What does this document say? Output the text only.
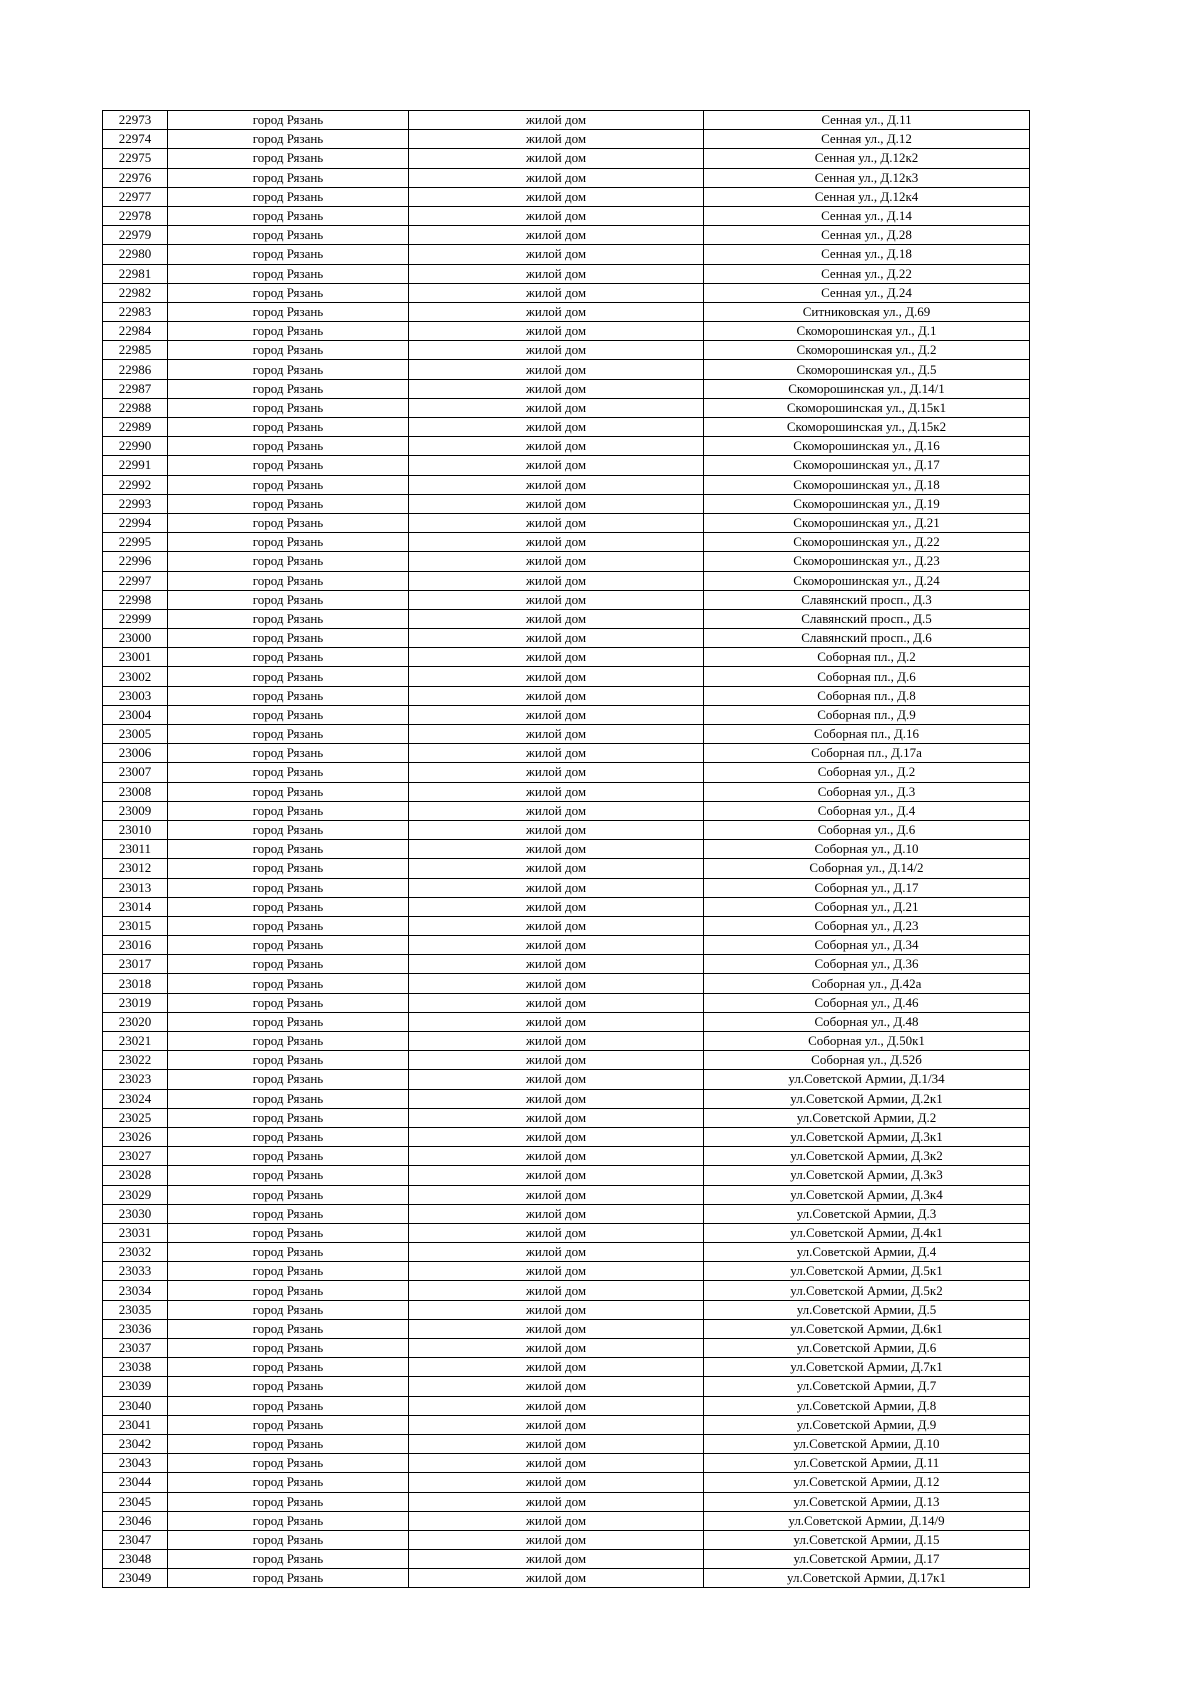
22973	город Рязань	жилой дом	Сенная ул., Д.11
22974	город Рязань	жилой дом	Сенная ул., Д.12
22975	город Рязань	жилой дом	Сенная ул., Д.12к2
22976	город Рязань	жилой дом	Сенная ул., Д.12к3
22977	город Рязань	жилой дом	Сенная ул., Д.12к4
22978	город Рязань	жилой дом	Сенная ул., Д.14
22979	город Рязань	жилой дом	Сенная ул., Д.28
22980	город Рязань	жилой дом	Сенная ул., Д.18
22981	город Рязань	жилой дом	Сенная ул., Д.22
22982	город Рязань	жилой дом	Сенная ул., Д.24
22983	город Рязань	жилой дом	Ситниковская ул., Д.69
22984	город Рязань	жилой дом	Скоморошинская ул., Д.1
22985	город Рязань	жилой дом	Скоморошинская ул., Д.2
22986	город Рязань	жилой дом	Скоморошинская ул., Д.5
22987	город Рязань	жилой дом	Скоморошинская ул., Д.14/1
22988	город Рязань	жилой дом	Скоморошинская ул., Д.15к1
22989	город Рязань	жилой дом	Скоморошинская ул., Д.15к2
22990	город Рязань	жилой дом	Скоморошинская ул., Д.16
22991	город Рязань	жилой дом	Скоморошинская ул., Д.17
22992	город Рязань	жилой дом	Скоморошинская ул., Д.18
22993	город Рязань	жилой дом	Скоморошинская ул., Д.19
22994	город Рязань	жилой дом	Скоморошинская ул., Д.21
22995	город Рязань	жилой дом	Скоморошинская ул., Д.22
22996	город Рязань	жилой дом	Скоморошинская ул., Д.23
22997	город Рязань	жилой дом	Скоморошинская ул., Д.24
22998	город Рязань	жилой дом	Славянский просп., Д.3
22999	город Рязань	жилой дом	Славянский просп., Д.5
23000	город Рязань	жилой дом	Славянский просп., Д.6
23001	город Рязань	жилой дом	Соборная пл., Д.2
23002	город Рязань	жилой дом	Соборная пл., Д.6
23003	город Рязань	жилой дом	Соборная пл., Д.8
23004	город Рязань	жилой дом	Соборная пл., Д.9
23005	город Рязань	жилой дом	Соборная пл., Д.16
23006	город Рязань	жилой дом	Соборная пл., Д.17а
23007	город Рязань	жилой дом	Соборная ул., Д.2
23008	город Рязань	жилой дом	Соборная ул., Д.3
23009	город Рязань	жилой дом	Соборная ул., Д.4
23010	город Рязань	жилой дом	Соборная ул., Д.6
23011	город Рязань	жилой дом	Соборная ул., Д.10
23012	город Рязань	жилой дом	Соборная ул., Д.14/2
23013	город Рязань	жилой дом	Соборная ул., Д.17
23014	город Рязань	жилой дом	Соборная ул., Д.21
23015	город Рязань	жилой дом	Соборная ул., Д.23
23016	город Рязань	жилой дом	Соборная ул., Д.34
23017	город Рязань	жилой дом	Соборная ул., Д.36
23018	город Рязань	жилой дом	Соборная ул., Д.42а
23019	город Рязань	жилой дом	Соборная ул., Д.46
23020	город Рязань	жилой дом	Соборная ул., Д.48
23021	город Рязань	жилой дом	Соборная ул., Д.50к1
23022	город Рязань	жилой дом	Соборная ул., Д.52б
23023	город Рязань	жилой дом	ул.Советской Армии, Д.1/34
23024	город Рязань	жилой дом	ул.Советской Армии, Д.2к1
23025	город Рязань	жилой дом	ул.Советской Армии, Д.2
23026	город Рязань	жилой дом	ул.Советской Армии, Д.3к1
23027	город Рязань	жилой дом	ул.Советской Армии, Д.3к2
23028	город Рязань	жилой дом	ул.Советской Армии, Д.3к3
23029	город Рязань	жилой дом	ул.Советской Армии, Д.3к4
23030	город Рязань	жилой дом	ул.Советской Армии, Д.3
23031	город Рязань	жилой дом	ул.Советской Армии, Д.4к1
23032	город Рязань	жилой дом	ул.Советской Армии, Д.4
23033	город Рязань	жилой дом	ул.Советской Армии, Д.5к1
23034	город Рязань	жилой дом	ул.Советской Армии, Д.5к2
23035	город Рязань	жилой дом	ул.Советской Армии, Д.5
23036	город Рязань	жилой дом	ул.Советской Армии, Д.6к1
23037	город Рязань	жилой дом	ул.Советской Армии, Д.6
23038	город Рязань	жилой дом	ул.Советской Армии, Д.7к1
23039	город Рязань	жилой дом	ул.Советской Армии, Д.7
23040	город Рязань	жилой дом	ул.Советской Армии, Д.8
23041	город Рязань	жилой дом	ул.Советской Армии, Д.9
23042	город Рязань	жилой дом	ул.Советской Армии, Д.10
23043	город Рязань	жилой дом	ул.Советской Армии, Д.11
23044	город Рязань	жилой дом	ул.Советской Армии, Д.12
23045	город Рязань	жилой дом	ул.Советской Армии, Д.13
23046	город Рязань	жилой дом	ул.Советской Армии, Д.14/9
23047	город Рязань	жилой дом	ул.Советской Армии, Д.15
23048	город Рязань	жилой дом	ул.Советской Армии, Д.17
23049	город Рязань	жилой дом	ул.Советской Армии, Д.17к1
